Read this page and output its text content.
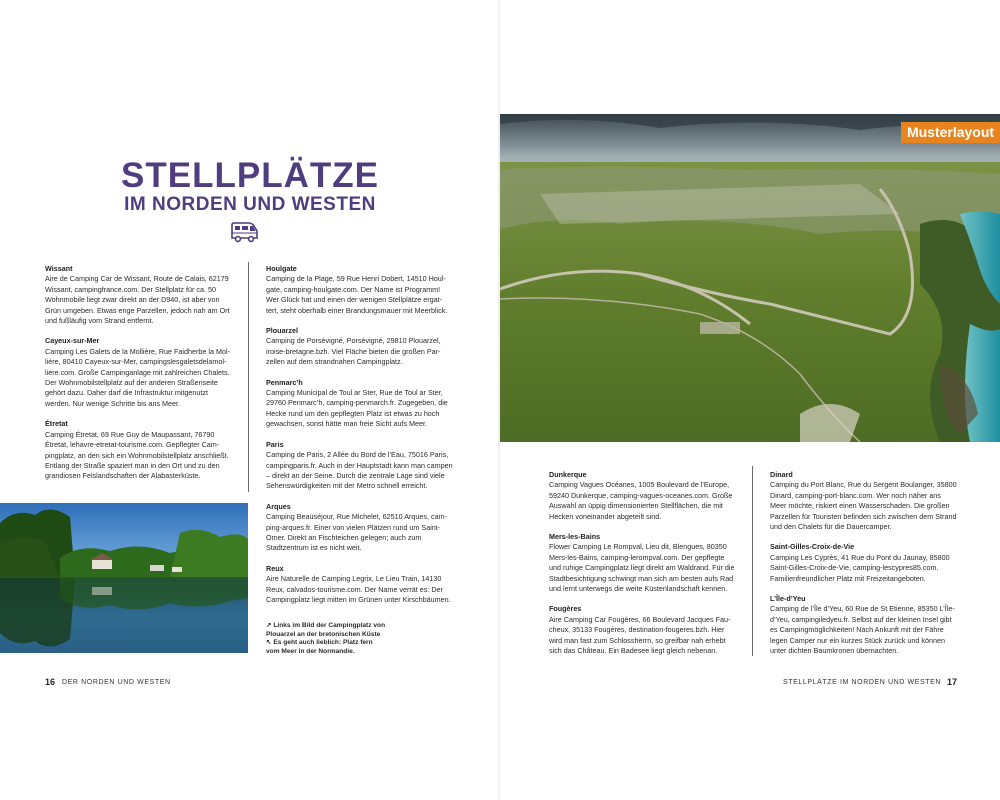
STELLPLÄTZE
IM NORDEN UND WESTEN
Wissant
Aire de Camping Car de Wissant, Route de Calais, 62179
Wissant, campingfrance.com. Der Stellplatz für ca. 50
Wohnmobile liegt zwar direkt an der D940, ist aber von
Grün umgeben. Etwas enge Parzellen, jedoch nah am Ort
und fußläufig vom Strand entfernt.
Cayeux-sur-Mer
Camping Les Galets de la Mollière, Rue Faidherbe la Mol-
lière, 80410 Cayeux-sur-Mer, campingslesgaletsdelamol-
liere.com. Große Campinganlage mit zahlreichen Chalets.
Der Wohnmobilstellplatz auf der anderen Straßenseite
gehört dazu. Daher darf die Infrastruktur mitgenutzt
werden. Nur wenige Schritte bis ans Meer.
Étretat
Camping Étretat, 69 Rue Guy de Maupassant, 76790
Étretat, lehavre-etretat-tourisme.com. Gepflegter Cam-
pingplatz, an den sich ein Wohnmobilstellplatz anschließt.
Entlang der Straße spaziert man in den Ort und zu den
grandiosen Felslandschaften der Alabasterküste.
Houlgate
Camping de la Plage, 59 Rue Henri Dobert, 14510 Houl-
gate, camping-houlgate.com. Der Name ist Programm!
Wer Glück hat und einen der wenigen Stellplätze ergat-
tert, steht oberhalb einer Brandungsmauer mit Meerblick.
Plouarzel
Camping de Porsévigné, Porsévigné, 29810 Plouarzel,
iroise-bretagne.bzh. Viel Fläche bieten die großen Par-
zellen auf dem strandnahen Campingplatz.
Penmarc’h
Camping Municipal de Toul ar Ster, Rue de Toul ar Ster,
29760 Penmarc’h, camping-penmarch.fr. Zugegeben, die
Hecke rund um den gepflegten Platz ist etwas zu hoch
gewachsen, sonst hätte man freie Sicht aufs Meer.
Paris
Camping de Paris, 2 Allée du Bord de l’Eau, 75016 Paris,
campingparis.fr. Auch in der Hauptstadt kann man campen
– direkt an der Seine. Durch die zentrale Lage sind viele
Sehenswürdigkeiten mit der Metro schnell erreicht.
Arques
Camping Beauséjour, Rue Michelet, 62510 Arques, cam-
ping-arques.fr. Einer von vielen Plätzen rund um Saint-
Omer. Direkt an Fischteichen gelegen; auch zum
Stadtzentrum ist es nicht weit.
Reux
Aire Naturelle de Camping Legrix, Le Lieu Train, 14130
Reux, calvados-tourisme.com. Der Name verrät es: Der
Campingplatz liegt mitten im Grünen unter Kirschbäumen.
↗ Links im Bild der Campingplatz von
Plouarzel an der bretonischen Küste
↖ Es geht auch lieblich: Platz fern
vom Meer in der Normandie.
16 DER NORDEN UND WESTEN
Musterlayout
Dunkerque
Camping Vagues Océanes, 1005 Boulevard de l’Europe,
59240 Dunkerque, camping-vagues-oceanes.com. Große
Auswahl an üppig dimensionierten Stellflächen, die mit
Hecken voneinander abgeteilt sind.
Mers-les-Bains
Flower Camping Le Rompval, Lieu dit, Blengues, 80350
Mers-les-Bains, camping-lerompval.com. Der gepflegte
und ruhige Campingplatz liegt direkt am Waldrand. Für die
Stadtbesichtigung schwingt man sich am besten aufs Rad
und lernt unterwegs die weite Küstenlandschaft kennen.
Fougères
Aire Camping Car Fougères, 66 Boulevard Jacques Fau-
cheux, 35133 Fougères, destination-fougeres.bzh. Hier
wird man fast zum Schlossherrn, so greifbar nah erhebt
sich das Château. Ein Badesee liegt gleich nebenan.
Dinard
Camping du Port Blanc, Rue du Sergent Boulanger, 35800
Dinard, camping-port-blanc.com. Wer noch näher ans
Meer möchte, riskiert einen Wasserschaden. Die großen
Parzellen für Touristen befinden sich zwischen dem Strand
und den Chalets für die Dauercamper.
Saint-Gilles-Croix-de-Vie
Camping Les Cyprès, 41 Rue du Pont du Jaunay, 85800
Saint-Gilles-Croix-de-Vie, camping-lescypres85.com.
Familienfreundlicher Platz mit Freizeitangeboten.
L’Île-d’Yeu
Camping de l’Île d’Yeu, 60 Rue de St Etienne, 85350 L’Île-
d’Yeu, campingiledyeu.fr. Selbst auf der kleinen Insel gibt
es Campingmöglichkeiten! Nach Ankunft mit der Fähre
legen Camper nur ein kurzes Stück zurück und können
unter dichten Baumkronen übernachten.
STELLPLÄTZE IM NORDEN UND WESTEN 17
